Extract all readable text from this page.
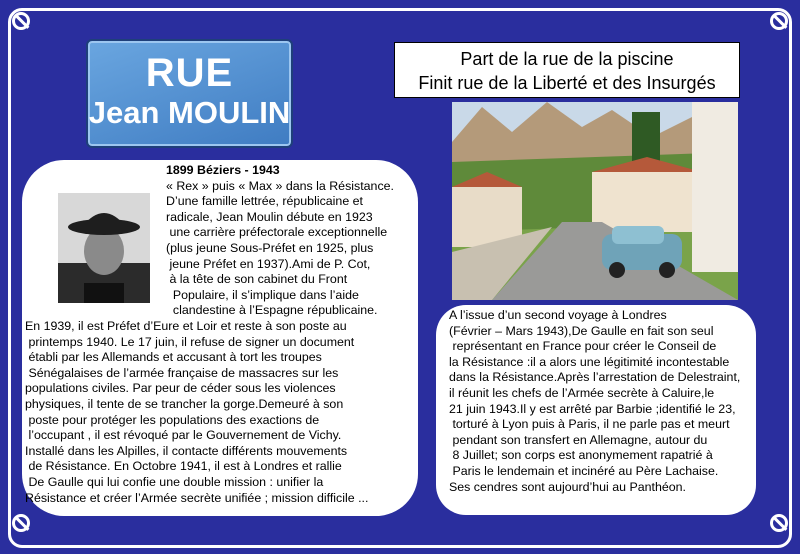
RUE
Jean MOULIN
Part de la rue de la piscine
Finit rue de la Liberté et des Insurgés
1899 Béziers - 1943
« Rex » puis « Max » dans la Résistance.
D’une famille lettrée, républicaine et
radicale, Jean Moulin débute en 1923
une carrière préfectorale exceptionnelle
(plus jeune Sous-Préfet en 1925, plus
jeune Préfet en 1937).Ami de P. Cot,
à la tête de son cabinet du Front
Populaire, il s’implique dans l’aide
clandestine à l’Espagne républicaine.
En 1939, il est Préfet d’Eure et Loir et reste à son poste au
printemps 1940. Le 17 juin, il refuse de signer un document
établi par les Allemands et accusant à tort les troupes
Sénégalaises de l’armée française de massacres sur les
populations civiles. Par peur de céder sous les violences
physiques, il tente de se trancher la gorge.Demeuré à son
poste pour protéger les populations des exactions de
l’occupant , il est révoqué par le Gouvernement de Vichy.
Installé dans les Alpilles, il contacte différents mouvements
de Résistance. En Octobre 1941, il est à Londres et rallie
De Gaulle qui lui confie une double mission : unifier la
Résistance et créer l’Armée secrète unifiée ; mission difficile ...
A l’issue d’un second voyage à Londres
(Février – Mars 1943),De Gaulle en fait son seul
représentant en France pour créer le Conseil de
la Résistance :il a alors une légitimité incontestable
dans la Résistance.Après l’arrestation de Delestraint,
il réunit les chefs de l’Armée secrète à Caluire,le
21 juin 1943.Il y est arrêté par Barbie ;identifié le 23,
torturé à Lyon puis à Paris, il ne parle pas et meurt
pendant son transfert en Allemagne, autour du
8 Juillet; son corps est anonymement rapatrié à
Paris le lendemain et incinéré au Père Lachaise.
Ses cendres sont aujourd’hui au Panthéon.
